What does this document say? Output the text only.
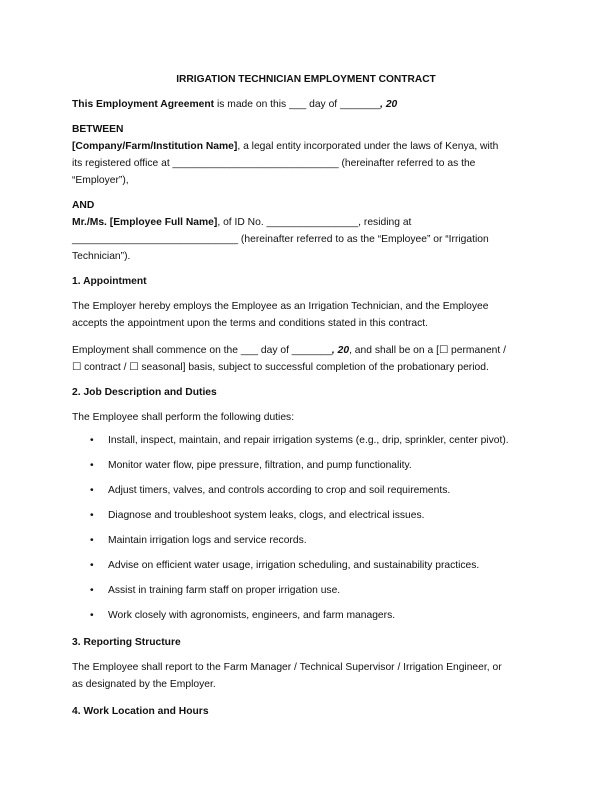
IRRIGATION TECHNICIAN EMPLOYMENT CONTRACT
This Employment Agreement is made on this ___ day of _______, 20
BETWEEN
[Company/Farm/Institution Name], a legal entity incorporated under the laws of Kenya, with
its registered office at _____________________________ (hereinafter referred to as the
“Employer”),
AND
Mr./Ms. [Employee Full Name], of ID No. ________________, residing at
_____________________________ (hereinafter referred to as the “Employee” or “Irrigation
Technician”).
1. Appointment
The Employer hereby employs the Employee as an Irrigation Technician, and the Employee
accepts the appointment upon the terms and conditions stated in this contract.
Employment shall commence on the ___ day of _______, 20, and shall be on a [☐ permanent /
☐ contract / ☐ seasonal] basis, subject to successful completion of the probationary period.
2. Job Description and Duties
The Employee shall perform the following duties:
• Install, inspect, maintain, and repair irrigation systems (e.g., drip, sprinkler, center pivot).
• Monitor water flow, pipe pressure, filtration, and pump functionality.
• Adjust timers, valves, and controls according to crop and soil requirements.
• Diagnose and troubleshoot system leaks, clogs, and electrical issues.
• Maintain irrigation logs and service records.
• Advise on efficient water usage, irrigation scheduling, and sustainability practices.
• Assist in training farm staff on proper irrigation use.
• Work closely with agronomists, engineers, and farm managers.
3. Reporting Structure
The Employee shall report to the Farm Manager / Technical Supervisor / Irrigation Engineer, or
as designated by the Employer.
4. Work Location and Hours
